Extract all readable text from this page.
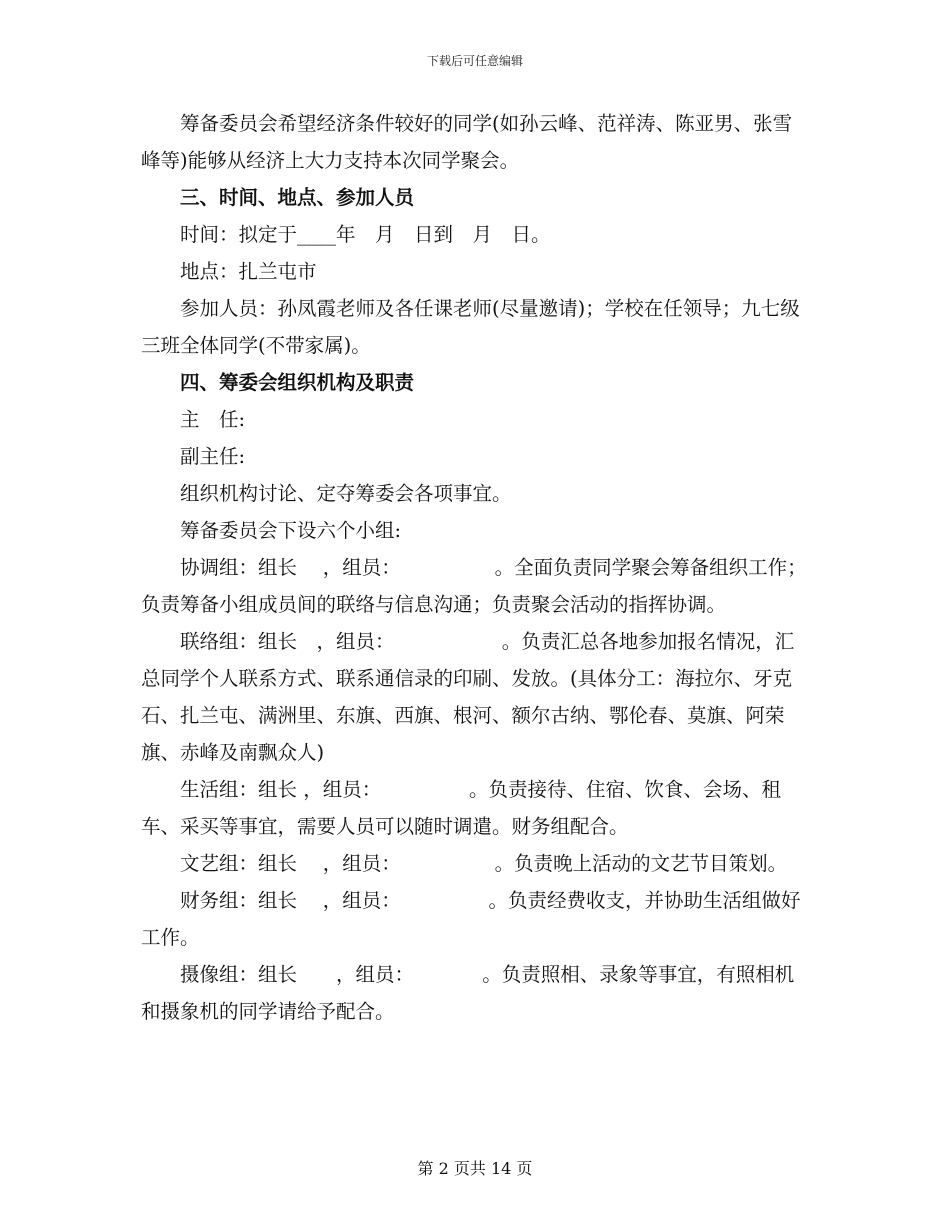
下载后可任意编辑

筹备委员会希望经济条件较好的同学(如孙云峰、范祥涛、陈亚男、张雪峰等)能够从经济上大力支持本次同学聚会。

三、时间、地点、参加人员

时间：拟定于____年　月　日到　月　日。

地点：扎兰屯市

参加人员：孙凤霞老师及各任课老师(尽量邀请)；学校在任领导；九七级三班全体同学(不带家属)。

四、筹委会组织机构及职责

主　任:

副主任:

组织机构讨论、定夺筹委会各项事宜。

筹备委员会下设六个小组:

协调组：组长　 ，组员：　　　　　 。全面负责同学聚会筹备组织工作；负责筹备小组成员间的联络与信息沟通；负责聚会活动的指挥协调。

联络组：组长　，组员：　　　　　　。负责汇总各地参加报名情况，汇总同学个人联系方式、联系通信录的印刷、发放。(具体分工：海拉尔、牙克石、扎兰屯、满洲里、东旗、西旗、根河、额尔古纳、鄂伦春、莫旗、阿荣旗、赤峰及南飘众人)

生活组：组长 ，组员：　　　　　。负责接待、住宿、饮食、会场、租车、采买等事宜，需要人员可以随时调遣。财务组配合。

文艺组：组长　 ，组员：　　　　　 。负责晚上活动的文艺节目策划。

财务组：组长　 ，组员：　　　　　。负责经费收支，并协助生活组做好工作。

摄像组：组长　　，组员：　　　　。负责照相、录象等事宜，有照相机和摄象机的同学请给予配合。

第 2 页共 14 页
